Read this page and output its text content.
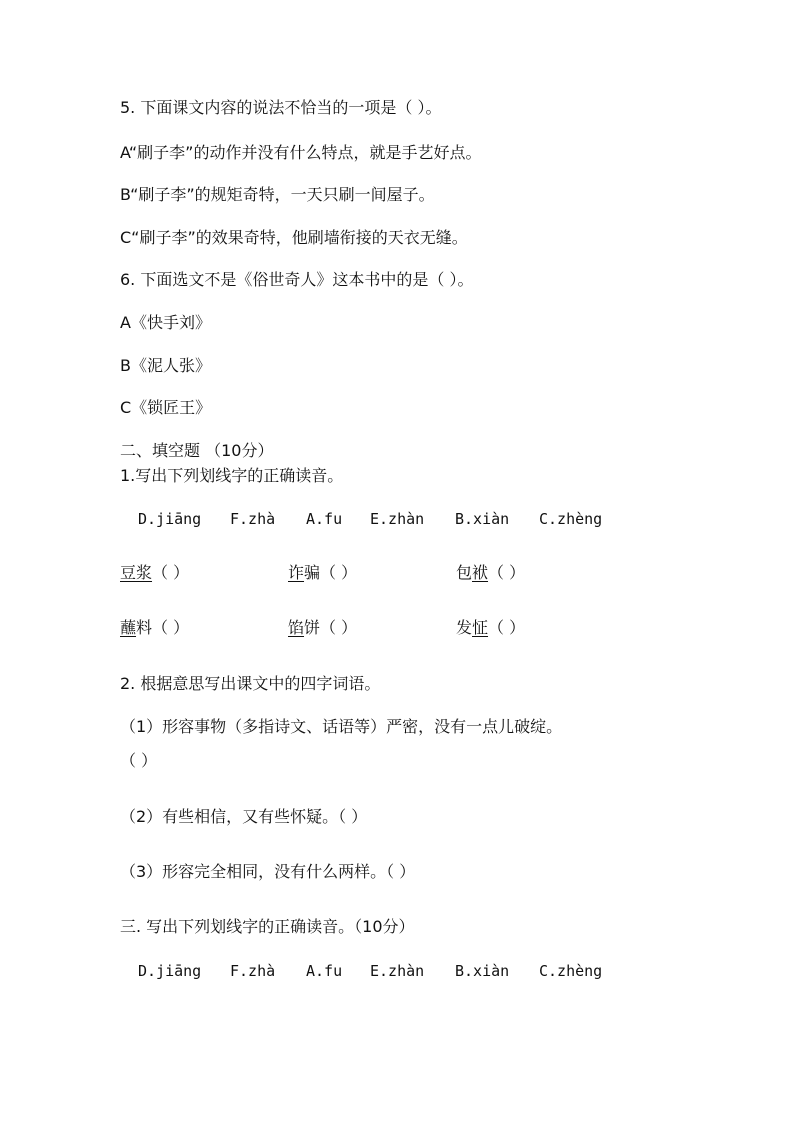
5. 下面课文内容的说法不恰当的一项是（ ）。
A“刷子李”的动作并没有什么特点，就是手艺好点。
B“刷子李”的规矩奇特，一天只刷一间屋子。
C“刷子李”的效果奇特，他刷墙衔接的天衣无缝。
6. 下面选文不是《俗世奇人》这本书中的是（ ）。
A《快手刘》
B《泥人张》
C《锁匠王》
二、填空题 （10分）
1.写出下列划线字的正确读音。
D.jiāng F.zhà A.fu E.zhàn B.xiàn C.zhèng
豆浆（ ）	诈骗（ ）	包袱（ ）
蘸料（ ）	馅饼（ ）	发怔（ ）
2. 根据意思写出课文中的四字词语。
（1）形容事物（多指诗文、话语等）严密，没有一点儿破绽。
（ ）
（2）有些相信，又有些怀疑。（ ）
（3）形容完全相同，没有什么两样。（ ）
三. 写出下列划线字的正确读音。（10分）
D.jiāng F.zhà A.fu E.zhàn B.xiàn C.zhèng
